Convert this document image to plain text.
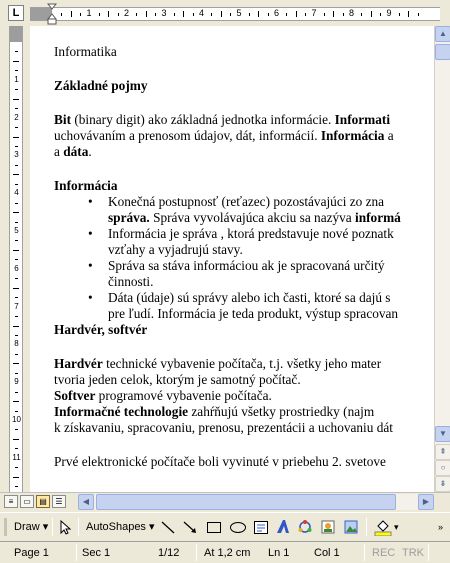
L	1	2	3	4	5	6	7	8	9
1
2
3
4
5
6
7
8
9
10
11

Informatika

Základné pojmy

Bit (binary digit) ako základná jednotka informácie. Informati

uchovávaním a prenosom údajov, dát, informácií. Informácia a

a dáta.

Informácia

• Konečná postupnosť (reťazec) pozostávajúci zo zna

správa. Správa vyvolávajúca akciu sa nazýva informá

• Informácia je správa , ktorá predstavuje nové poznatk

vzťahy a vyjadrujú stavy.

• Správa sa stáva informáciou ak je spracovaná určitý

činnosti.

• Dáta (údaje) sú správy alebo ich časti, ktoré sa dajú s

pre ľudí. Informácia je teda produkt, výstup spracovan

Hardvér, softvér

Hardvér technické vybavenie počítača, t.j. všetky jeho mater

tvoria jeden celok, ktorým je samotný počítač.

Softver programové vybavenie počítača.

Informačné technologie zahŕňujú všetky prostriedky (najm

k získavaniu, spracovaniu, prenosu, prezentácii a uchovaniu dát

Prvé elektronické počítače boli vyvinuté v priebehu 2. svetove

▲
▼
⇞
○
⇟
≡	▭	▤	☰	◀	▶
Draw ▾	AutoShapes ▾	▾	»
Page 1	Sec 1	1/12 At 1,2 cm Ln 1 Col 1	REC TRK
